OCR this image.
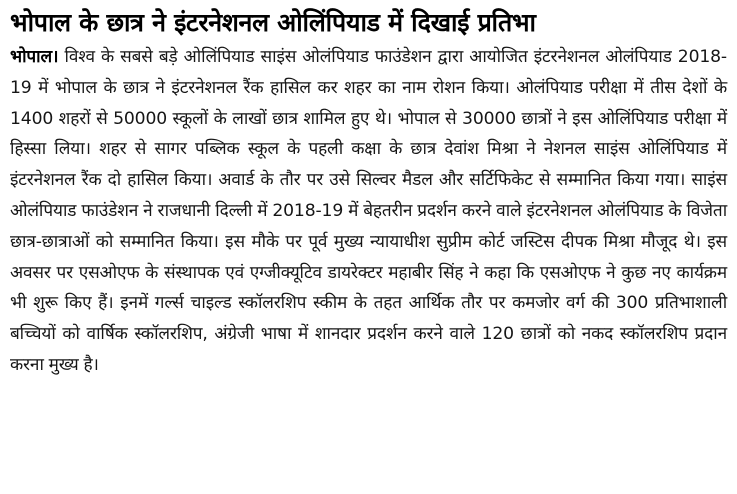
भोपाल के छात्र ने इंटरनेशनल ओलिंपियाड में दिखाई प्रतिभा

भोपाल। विश्व के सबसे बड़े ओलिंपियाड साइंस ओलंपियाड फाउंडेशन द्वारा आयोजित इंटरनेशनल ओलंपियाड 2018-19 में भोपाल के छात्र ने इंटरनेशनल रैंक हासिल कर शहर का नाम रोशन किया। ओलंपियाड परीक्षा में तीस देशों के 1400 शहरों से 50000 स्कूलों के लाखों छात्र शामिल हुए थे। भोपाल से 30000 छात्रों ने इस ओलिंपियाड परीक्षा में हिस्सा लिया। शहर से सागर पब्लिक स्कूल के पहली कक्षा के छात्र देवांश मिश्रा ने नेशनल साइंस ओलिंपियाड में इंटरनेशनल रैंक दो हासिल किया। अवार्ड के तौर पर उसे सिल्वर मैडल और सर्टिफिकेट से सम्मानित किया गया। साइंस ओलंपियाड फाउंडेशन ने राजधानी दिल्ली में 2018-19 में बेहतरीन प्रदर्शन करने वाले इंटरनेशनल ओलंपियाड के विजेता छात्र-छात्राओं को सम्मानित किया। इस मौके पर पूर्व मुख्य न्यायाधीश सुप्रीम कोर्ट जस्टिस दीपक मिश्रा मौजूद थे। इस अवसर पर एसओएफ के संस्थापक एवं एग्जीक्यूटिव डायरेक्टर महाबीर सिंह ने कहा कि एसओएफ ने कुछ नए कार्यक्रम भी शुरू किए हैं। इनमें गर्ल्स चाइल्ड स्कॉलरशिप स्कीम के तहत आर्थिक तौर पर कमजोर वर्ग की 300 प्रतिभाशाली बच्चियों को वार्षिक स्कॉलरशिप, अंग्रेजी भाषा में शानदार प्रदर्शन करने वाले 120 छात्रों को नकद स्कॉलरशिप प्रदान करना मुख्य है।
